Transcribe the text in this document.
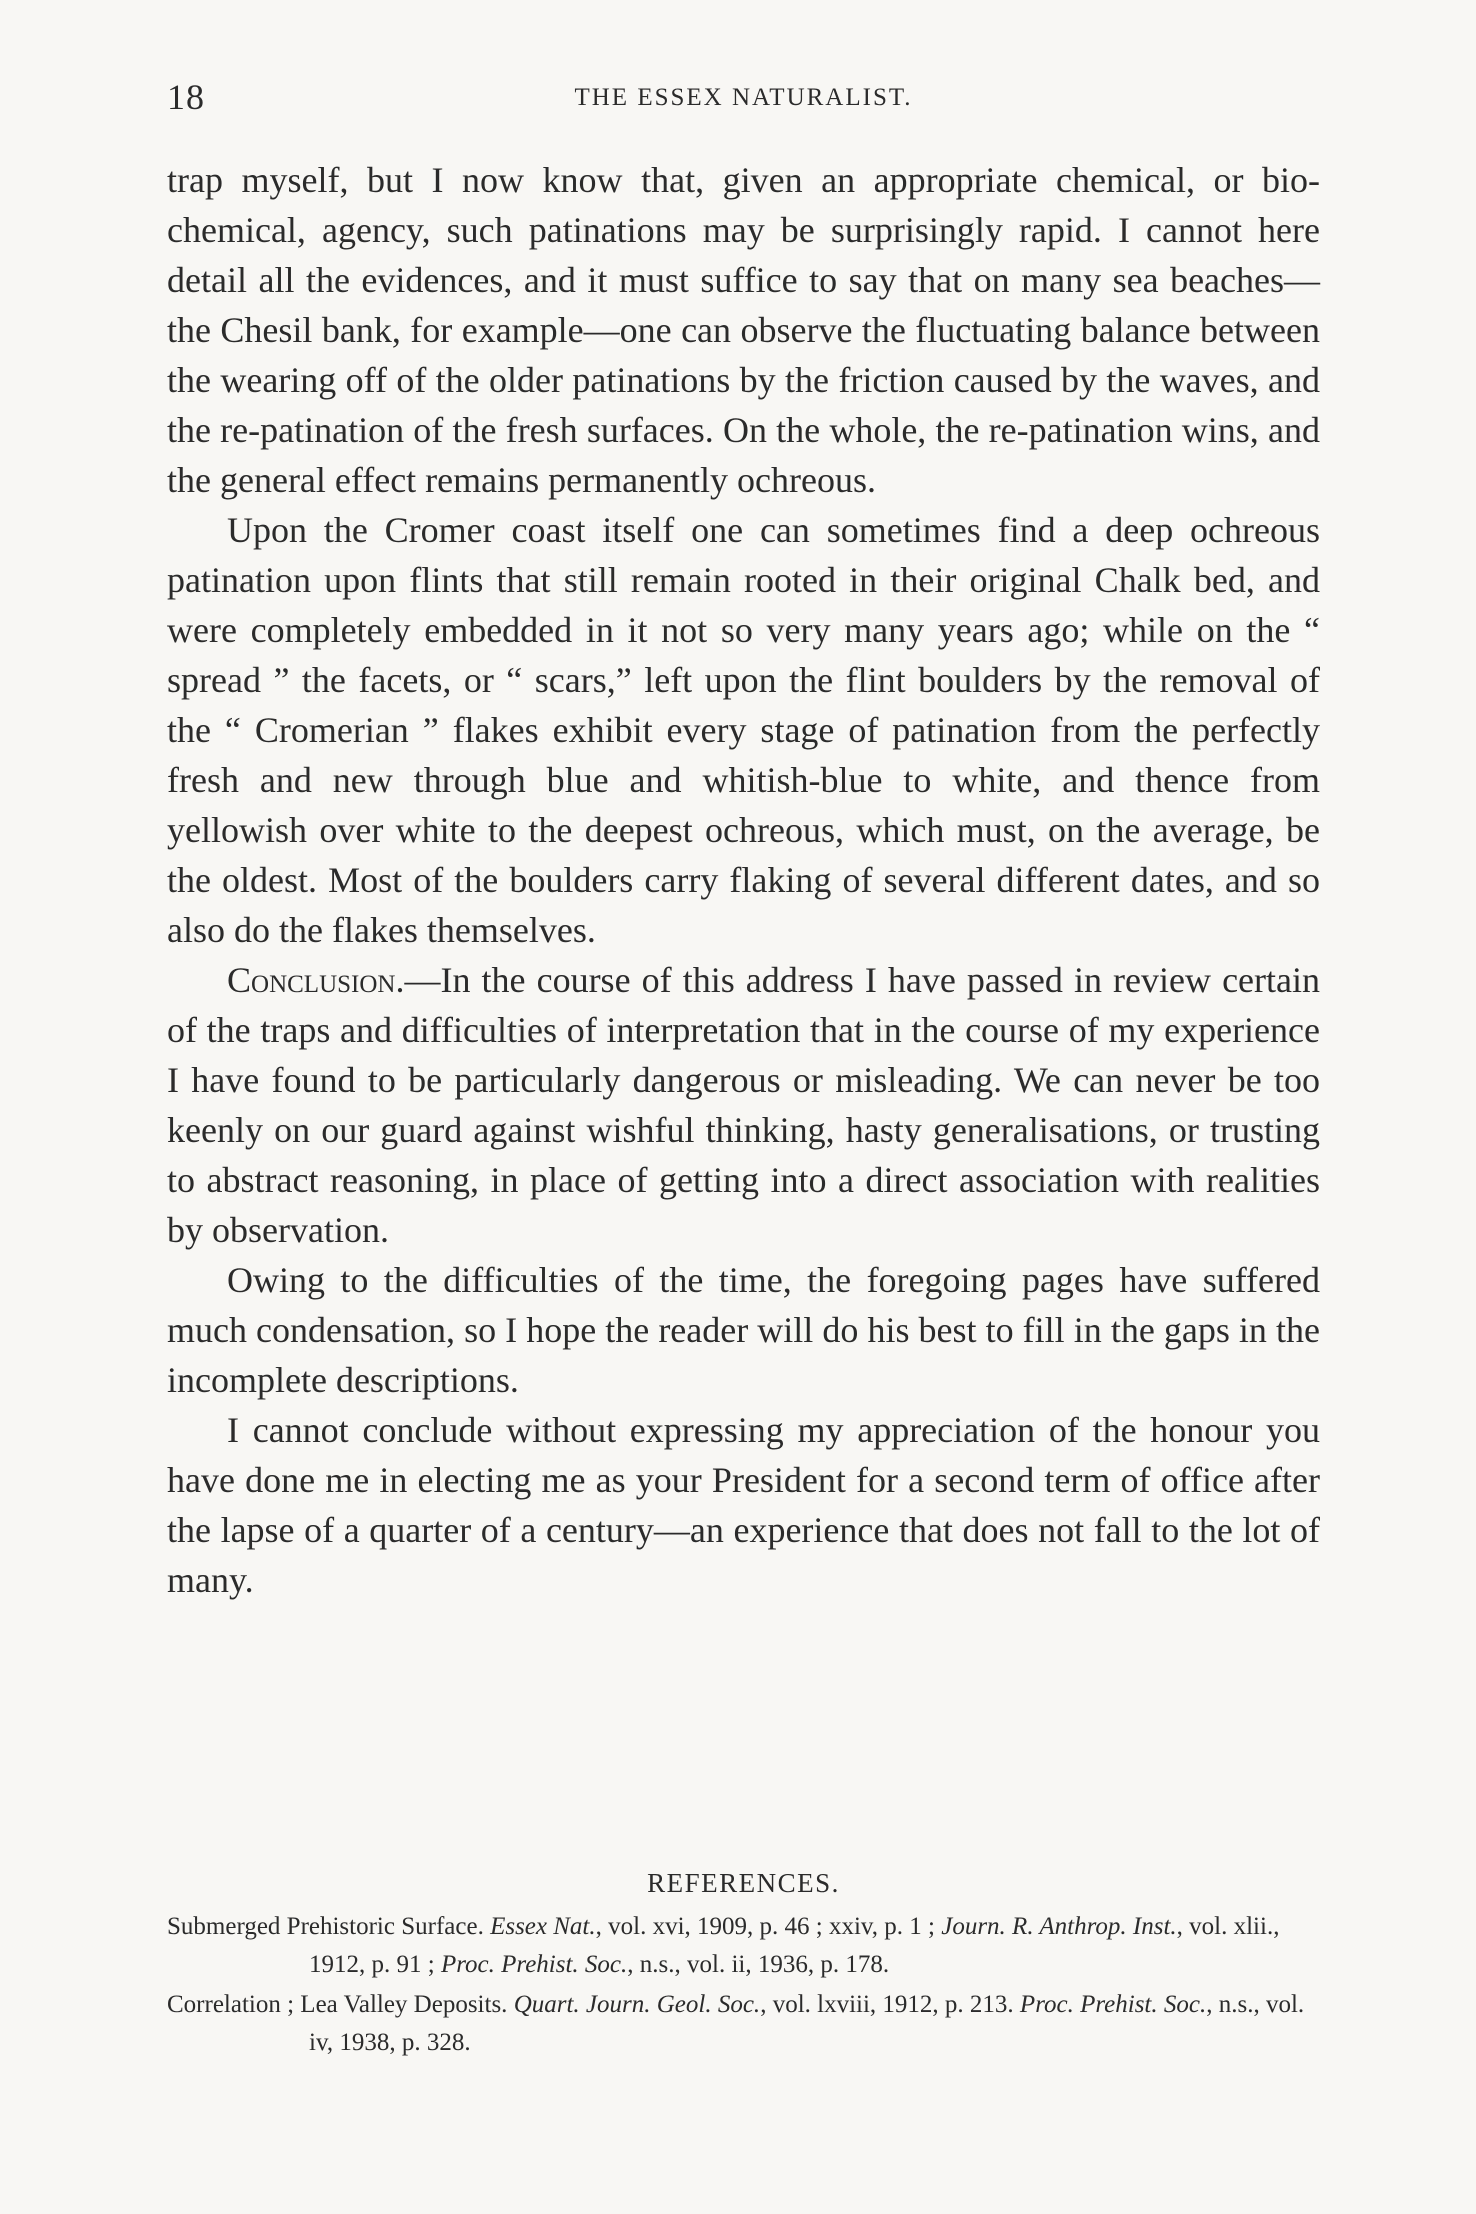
18	THE ESSEX NATURALIST.

trap myself, but I now know that, given an appropriate chemical, or bio-chemical, agency, such patinations may be surprisingly rapid. I cannot here detail all the evidences, and it must suffice to say that on many sea beaches—the Chesil bank, for example—one can observe the fluctuating balance between the wearing off of the older patinations by the friction caused by the waves, and the re-patination of the fresh surfaces. On the whole, the re-patination wins, and the general effect remains permanently ochreous.

Upon the Cromer coast itself one can sometimes find a deep ochreous patination upon flints that still remain rooted in their original Chalk bed, and were completely embedded in it not so very many years ago; while on the “ spread ” the facets, or “ scars,” left upon the flint boulders by the removal of the “ Cromerian ” flakes exhibit every stage of patination from the perfectly fresh and new through blue and whitish-blue to white, and thence from yellowish over white to the deepest ochreous, which must, on the average, be the oldest. Most of the boulders carry flaking of several different dates, and so also do the flakes themselves.

Conclusion.—In the course of this address I have passed in review certain of the traps and difficulties of interpretation that in the course of my experience I have found to be particularly dangerous or misleading. We can never be too keenly on our guard against wishful thinking, hasty generalisations, or trusting to abstract reasoning, in place of getting into a direct association with realities by observation.

Owing to the difficulties of the time, the foregoing pages have suffered much condensation, so I hope the reader will do his best to fill in the gaps in the incomplete descriptions.

I cannot conclude without expressing my appreciation of the honour you have done me in electing me as your President for a second term of office after the lapse of a quarter of a century—an experience that does not fall to the lot of many.

REFERENCES.
Submerged Prehistoric Surface. Essex Nat., vol. xvi, 1909, p. 46 ; xxiv, p. 1 ; Journ. R. Anthrop. Inst., vol. xlii., 1912, p. 91 ; Proc. Prehist. Soc., n.s., vol. ii, 1936, p. 178.
Correlation ; Lea Valley Deposits. Quart. Journ. Geol. Soc., vol. lxviii, 1912, p. 213. Proc. Prehist. Soc., n.s., vol. iv, 1938, p. 328.
